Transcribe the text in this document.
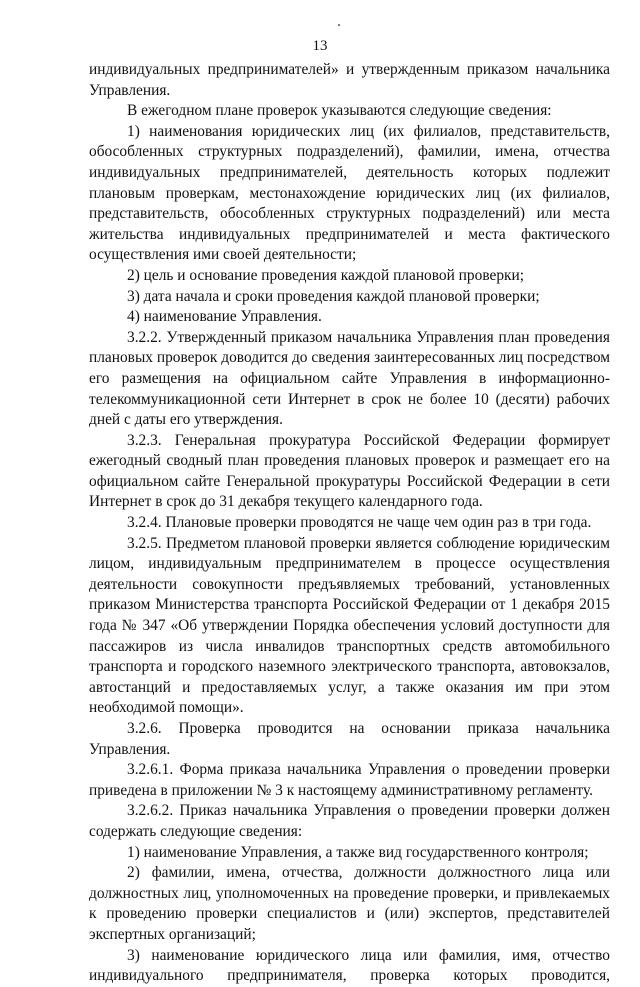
13

индивидуальных предпринимателей» и утвержденным приказом начальника Управления.

В ежегодном плане проверок указываются следующие сведения:

1) наименования юридических лиц (их филиалов, представительств, обособленных структурных подразделений), фамилии, имена, отчества индивидуальных предпринимателей, деятельность которых подлежит плановым проверкам, местонахождение юридических лиц (их филиалов, представительств, обособленных структурных подразделений) или места жительства индивидуальных предпринимателей и места фактического осуществления ими своей деятельности;

2) цель и основание проведения каждой плановой проверки;

3) дата начала и сроки проведения каждой плановой проверки;

4) наименование Управления.

3.2.2. Утвержденный приказом начальника Управления план проведения плановых проверок доводится до сведения заинтересованных лиц посредством его размещения на официальном сайте Управления в информационно-телекоммуникационной сети Интернет в срок не более 10 (десяти) рабочих дней с даты его утверждения.

3.2.3. Генеральная прокуратура Российской Федерации формирует ежегодный сводный план проведения плановых проверок и размещает его на официальном сайте Генеральной прокуратуры Российской Федерации в сети Интернет в срок до 31 декабря текущего календарного года.

3.2.4. Плановые проверки проводятся не чаще чем один раз в три года.

3.2.5. Предметом плановой проверки является соблюдение юридическим лицом, индивидуальным предпринимателем в процессе осуществления деятельности совокупности предъявляемых требований, установленных приказом Министерства транспорта Российской Федерации от 1 декабря 2015 года № 347 «Об утверждении Порядка обеспечения условий доступности для пассажиров из числа инвалидов транспортных средств автомобильного транспорта и городского наземного электрического транспорта, автовокзалов, автостанций и предоставляемых услуг, а также оказания им при этом необходимой помощи».

3.2.6. Проверка проводится на основании приказа начальника Управления.

3.2.6.1. Форма приказа начальника Управления о проведении проверки приведена в приложении № 3 к настоящему административному регламенту.

3.2.6.2. Приказ начальника Управления о проведении проверки должен содержать следующие сведения:

1) наименование Управления, а также вид государственного контроля;

2) фамилии, имена, отчества, должности должностного лица или должностных лиц, уполномоченных на проведение проверки, и привлекаемых к проведению проверки специалистов и (или) экспертов, представителей экспертных организаций;

3) наименование юридического лица или фамилия, имя, отчество индивидуального предпринимателя, проверка которых проводится,
